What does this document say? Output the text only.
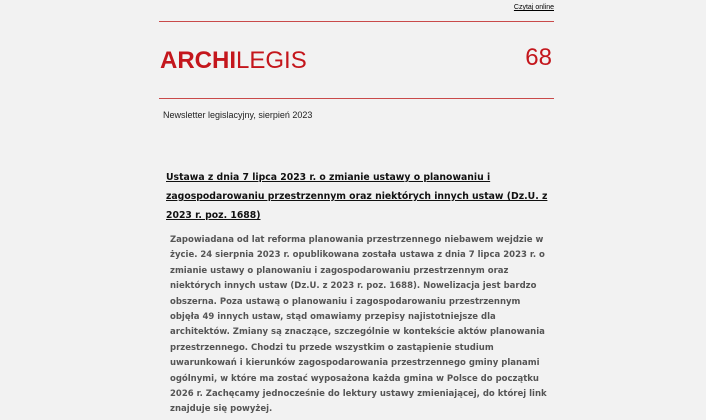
Czytaj online
ARCHILEGIS	68
Newsletter legislacyjny, sierpień 2023
Ustawa z dnia 7 lipca 2023 r. o zmianie ustawy o planowaniu i zagospodarowaniu przestrzennym oraz niektórych innych ustaw (Dz.U. z 2023 r. poz. 1688)
Zapowiadana od lat reforma planowania przestrzennego niebawem wejdzie w życie. 24 sierpnia 2023 r. opublikowana została ustawa z dnia 7 lipca 2023 r. o zmianie ustawy o planowaniu i zagospodarowaniu przestrzennym oraz niektórych innych ustaw (Dz.U. z 2023 r. poz. 1688). Nowelizacja jest bardzo obszerna. Poza ustawą o planowaniu i zagospodarowaniu przestrzennym objęła 49 innych ustaw, stąd omawiamy przepisy najistotniejsze dla architektów. Zmiany są znaczące, szczególnie w kontekście aktów planowania przestrzennego. Chodzi tu przede wszystkim o zastąpienie studium uwarunkowań i kierunków zagospodarowania przestrzennego gminy planami ogólnymi, w które ma zostać wyposażona każda gmina w Polsce do początku 2026 r. Zachęcamy jednocześnie do lektury ustawy zmieniającej, do której link znajduje się powyżej.
